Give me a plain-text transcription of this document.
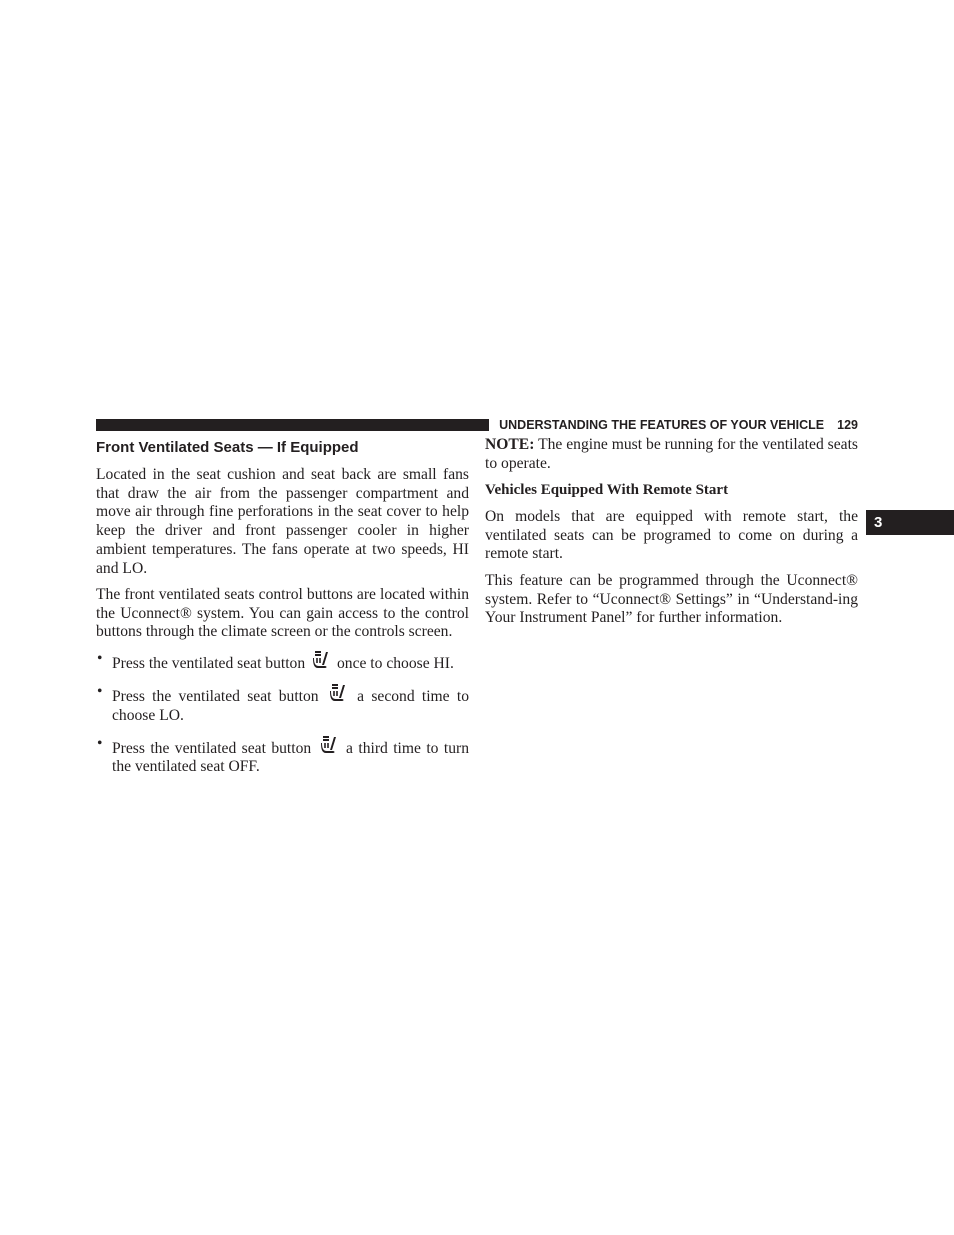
UNDERSTANDING THE FEATURES OF YOUR VEHICLE 129
3
Front Ventilated Seats — If Equipped

Located in the seat cushion and seat back are small fans that draw the air from the passenger compartment and move air through fine perforations in the seat cover to help keep the driver and front passenger cooler in higher ambient temperatures. The fans operate at two speeds, HI and LO.

The front ventilated seats control buttons are located within the Uconnect® system. You can gain access to the control buttons through the climate screen or the controls screen.

• Press the ventilated seat button once to choose HI.
• Press the ventilated seat button a second time to choose LO.
• Press the ventilated seat button a third time to turn the ventilated seat OFF.

NOTE: The engine must be running for the ventilated seats to operate.

Vehicles Equipped With Remote Start

On models that are equipped with remote start, the ventilated seats can be programed to come on during a remote start.

This feature can be programmed through the Uconnect® system. Refer to “Uconnect® Settings” in “Understand-ing Your Instrument Panel” for further information.
